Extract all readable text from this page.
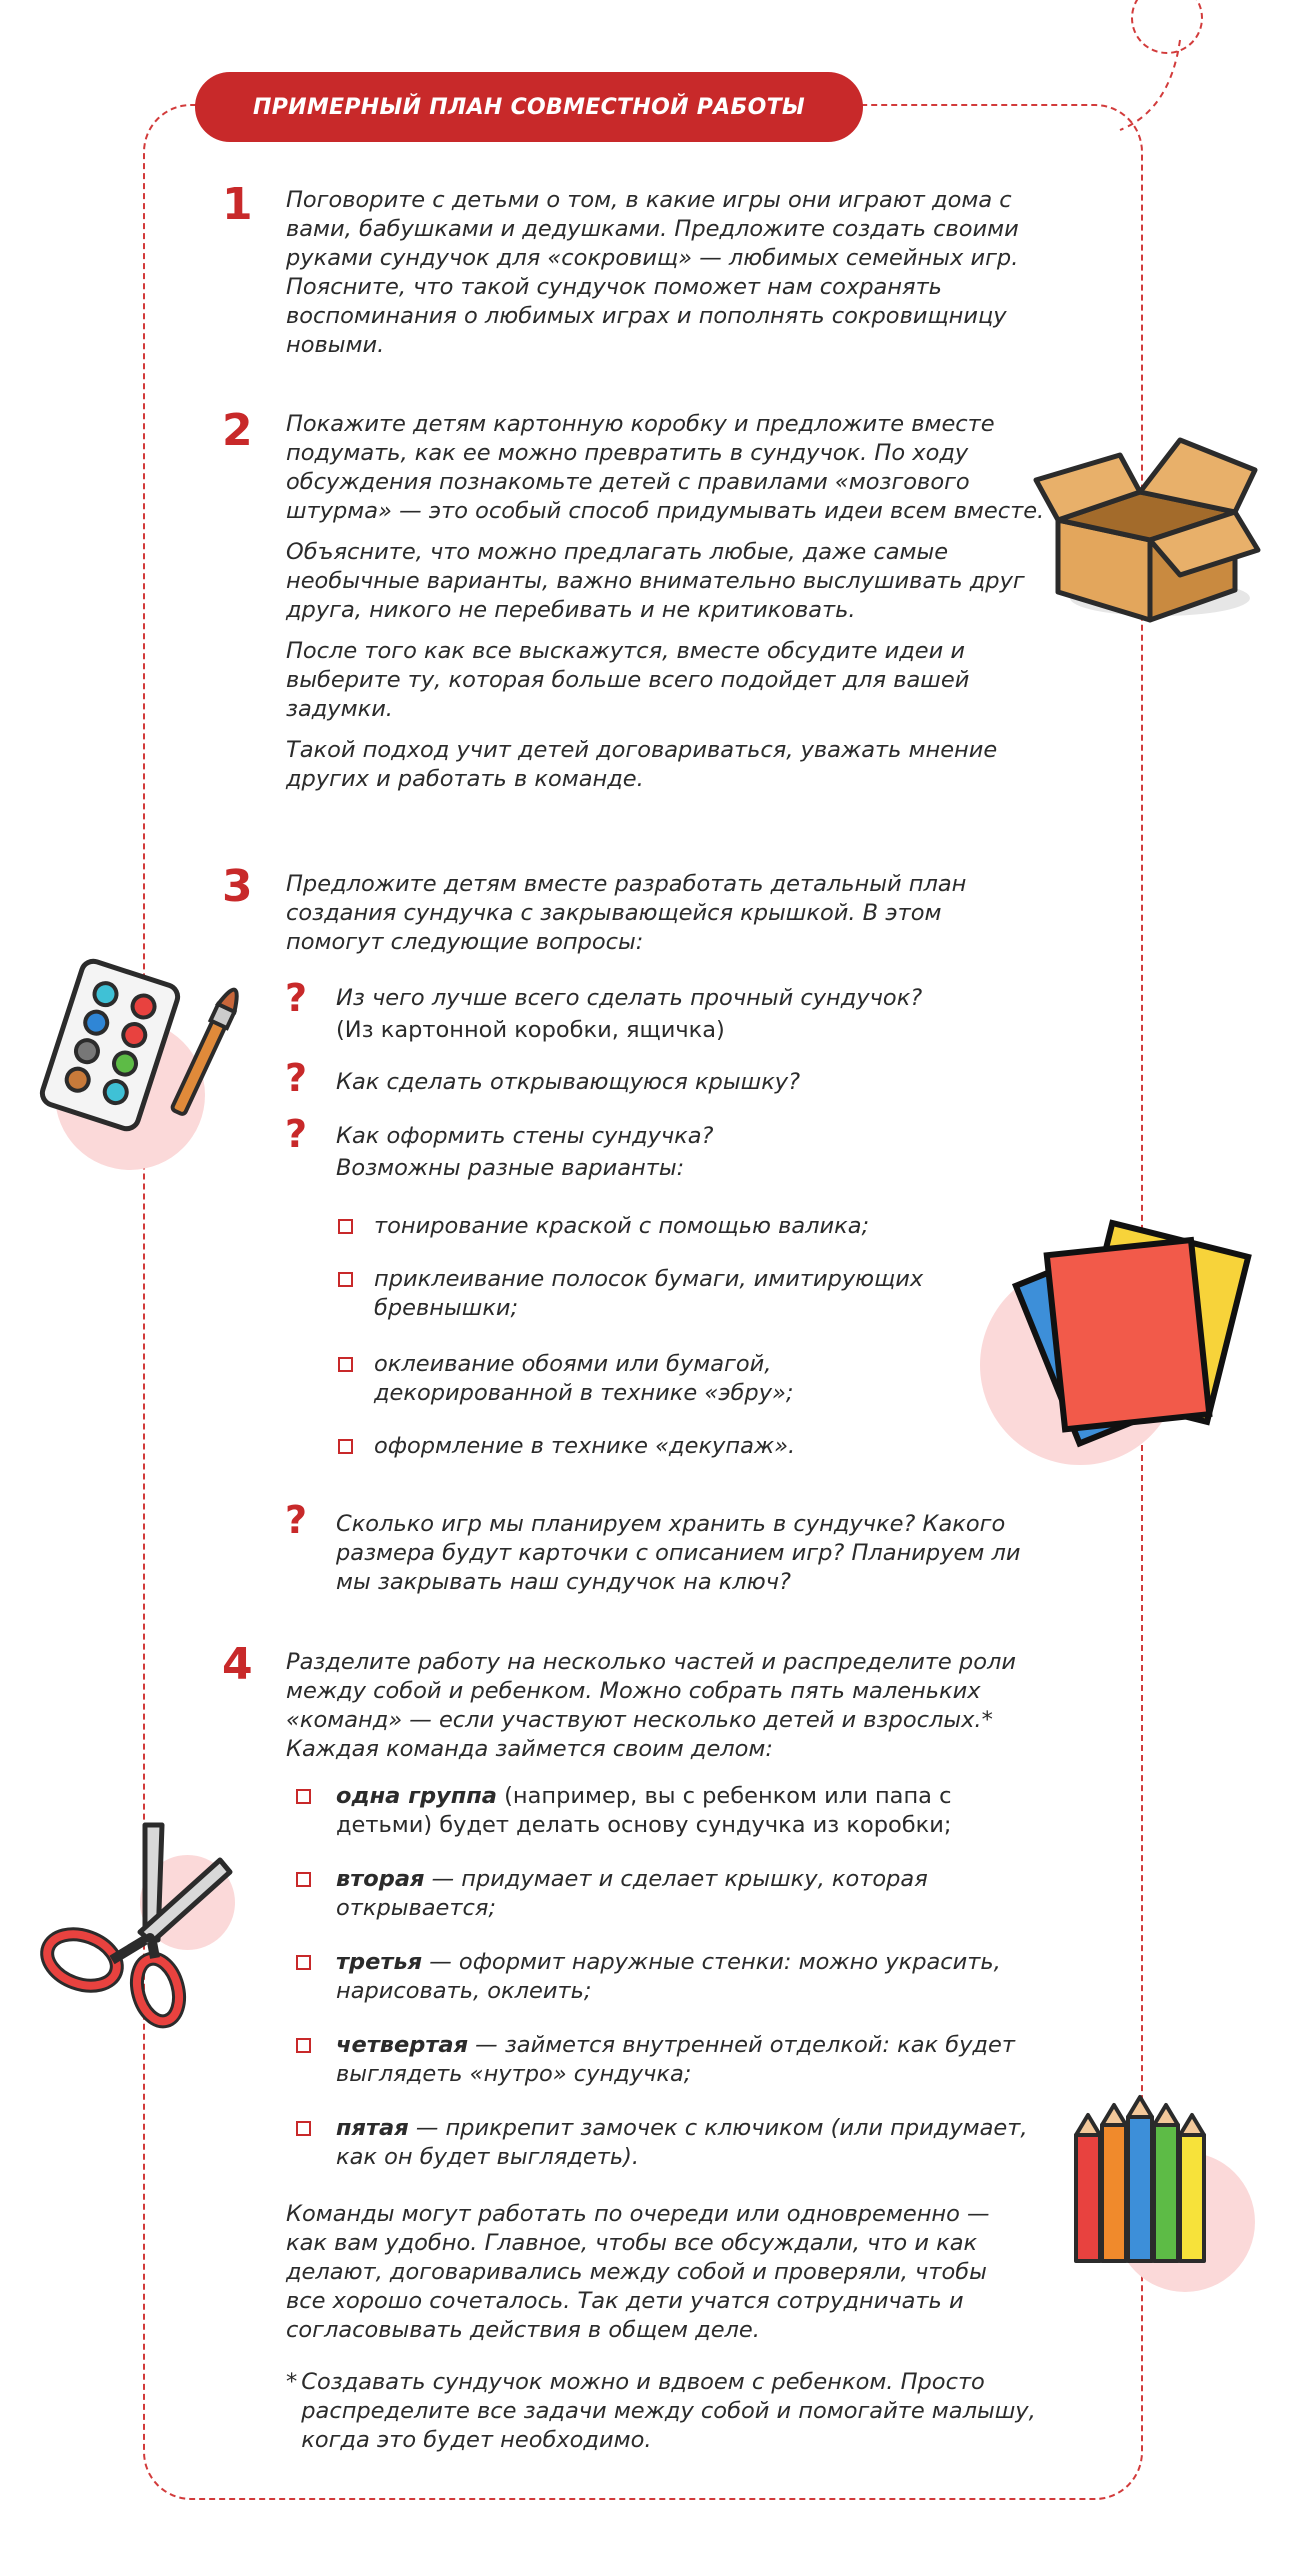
ПРИМЕРНЫЙ ПЛАН СОВМЕСТНОЙ РАБОТЫ
1	Поговорите с детьми о том, в какие игры они играют дома с вами, бабушками и дедушками. Предложите создать своими руками сундучок для «сокровищ» — любимых семейных игр. Поясните, что такой сундучок поможет нам сохранять воспоминания о любимых играх и пополнять сокровищницу новыми.

2	Покажите детям картонную коробку и предложите вместе подумать, как ее можно превратить в сундучок. По ходу обсуждения познакомьте детей с правилами «мозгового штурма» — это особый способ придумывать идеи всем вместе.

Объясните, что можно предлагать любые, даже самые необычные варианты, важно внимательно выслушивать друг друга, никого не перебивать и не критиковать.

После того как все выскажутся, вместе обсудите идеи и выберите ту, которая больше всего подойдет для вашей задумки.

Такой подход учит детей договариваться, уважать мнение других и работать в команде.

3	Предложите детям вместе разработать детальный план создания сундучка с закрывающейся крышкой. В этом помогут следующие вопросы:

? Из чего лучше всего сделать прочный сундучок?
(Из картонной коробки, ящичка)
? Как сделать открывающуюся крышку?
? Как оформить стены сундучка?
Возможны разные варианты:
тонирование краской с помощью валика;
приклеивание полосок бумаги, имитирующих бревнышки;
оклеивание обоями или бумагой, декорированной в технике «эбру»;
оформление в технике «декупаж».
? Сколько игр мы планируем хранить в сундучке? Какого размера будут карточки с описанием игр? Планируем ли мы закрывать наш сундучок на ключ?
4	Разделите работу на несколько частей и распределите роли между собой и ребенком. Можно собрать пять маленьких «команд» — если участвуют несколько детей и взрослых.* Каждая команда займется своим делом:

одна группа (например, вы с ребенком или папа с детьми) будет делать основу сундучка из коробки;
вторая — придумает и сделает крышку, которая открывается;
третья — оформит наружные стенки: можно украсить, нарисовать, оклеить;
четвертая — займется внутренней отделкой: как будет выглядеть «нутро» сундучка;
пятая — прикрепит замочек с ключиком (или придумает, как он будет выглядеть).
Команды могут работать по очереди или одновременно — как вам удобно. Главное, чтобы все обсуждали, что и как делают, договаривались между собой и проверяли, чтобы все хорошо сочеталось. Так дети учатся сотрудничать и согласовывать действия в общем деле.
* Создавать сундучок можно и вдвоем с ребенком. Просто распределите все задачи между собой и помогайте малышу, когда это будет необходимо.
